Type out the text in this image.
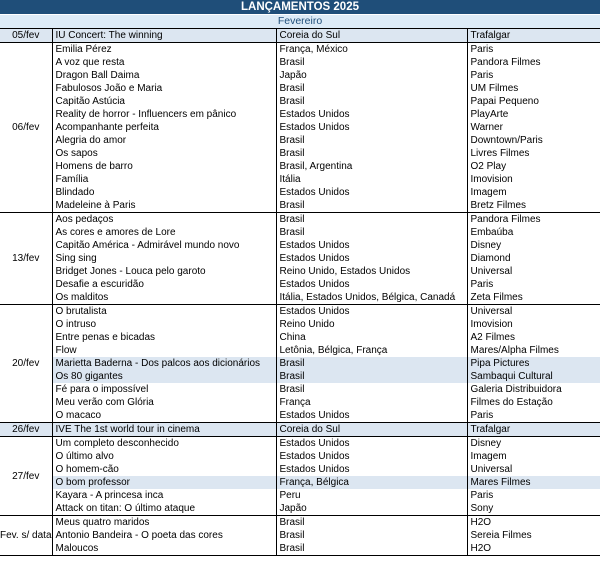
LANÇAMENTOS 2025
Fevereiro
05/fev	IU Concert: The winning	Coreia do Sul	Trafalgar
06/fev	Emilia Pérez	França, México	Paris
	A voz que resta	Brasil	Pandora Filmes
	Dragon Ball Daima	Japão	Paris
	Fabulosos João e Maria	Brasil	UM Filmes
	Capitão Astúcia	Brasil	Papai Pequeno
	Reality de horror - Influencers em pânico	Estados Unidos	PlayArte
	Acompanhante perfeita	Estados Unidos	Warner
	Alegria do amor	Brasil	Downtown/Paris
	Os sapos	Brasil	Livres Filmes
	Homens de barro	Brasil, Argentina	O2 Play
	Família	Itália	Imovision
	Blindado	Estados Unidos	Imagem
	Madeleine à Paris	Brasil	Bretz Filmes
13/fev	Aos pedaços	Brasil	Pandora Filmes
	As cores e amores de Lore	Brasil	Embaúba
	Capitão América - Admirável mundo novo	Estados Unidos	Disney
	Sing sing	Estados Unidos	Diamond
	Bridget Jones - Louca pelo garoto	Reino Unido, Estados Unidos	Universal
	Desafie a escuridão	Estados Unidos	Paris
	Os malditos	Itália, Estados Unidos, Bélgica, Canadá	Zeta Filmes
20/fev	O brutalista	Estados Unidos	Universal
	O intruso	Reino Unido	Imovision
	Entre penas e bicadas	China	A2 Filmes
	Flow	Letônia, Bélgica, França	Mares/Alpha Filmes
	Marietta Baderna - Dos palcos aos dicionários	Brasil	Pipa Pictures
	Os 80 gigantes	Brasil	Sambaqui Cultural
	Fé para o impossível	Brasil	Galeria Distribuidora
	Meu verão com Glória	França	Filmes do Estação
	O macaco	Estados Unidos	Paris
26/fev	IVE The 1st world tour in cinema	Coreia do Sul	Trafalgar
27/fev	Um completo desconhecido	Estados Unidos	Disney
	O último alvo	Estados Unidos	Imagem
	O homem-cão	Estados Unidos	Universal
	O bom professor	França, Bélgica	Mares Filmes
	Kayara - A princesa inca	Peru	Paris
	Attack on titan: O último ataque	Japão	Sony
Fev. s/ data	Meus quatro maridos	Brasil	H2O
	Antonio Bandeira - O poeta das cores	Brasil	Sereia Filmes
	Maloucos	Brasil	H2O
